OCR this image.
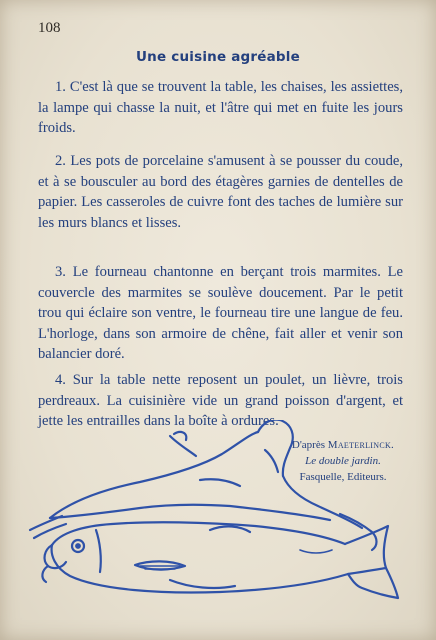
108
Une cuisine agréable

1. C'est là que se trouvent la table, les chaises, les assiettes, la lampe qui chasse la nuit, et l'âtre qui met en fuite les jours froids.

2. Les pots de porcelaine s'amusent à se pousser du coude, et à se bousculer au bord des étagères garnies de dentelles de papier. Les casseroles de cuivre font des taches de lumière sur les murs blancs et lisses.

3. Le fourneau chantonne en berçant trois marmites. Le couvercle des marmites se soulève doucement. Par le petit trou qui éclaire son ventre, le fourneau tire une langue de feu. L'horloge, dans son armoire de chêne, fait aller et venir son balancier doré.

4. Sur la table nette reposent un poulet, un lièvre, trois perdreaux. La cuisinière vide un grand poisson d'argent, et jette les entrailles dans la boîte à ordures.

D'après Maeterlinck.
Le double jardin.
Fasquelle, Editeurs.
